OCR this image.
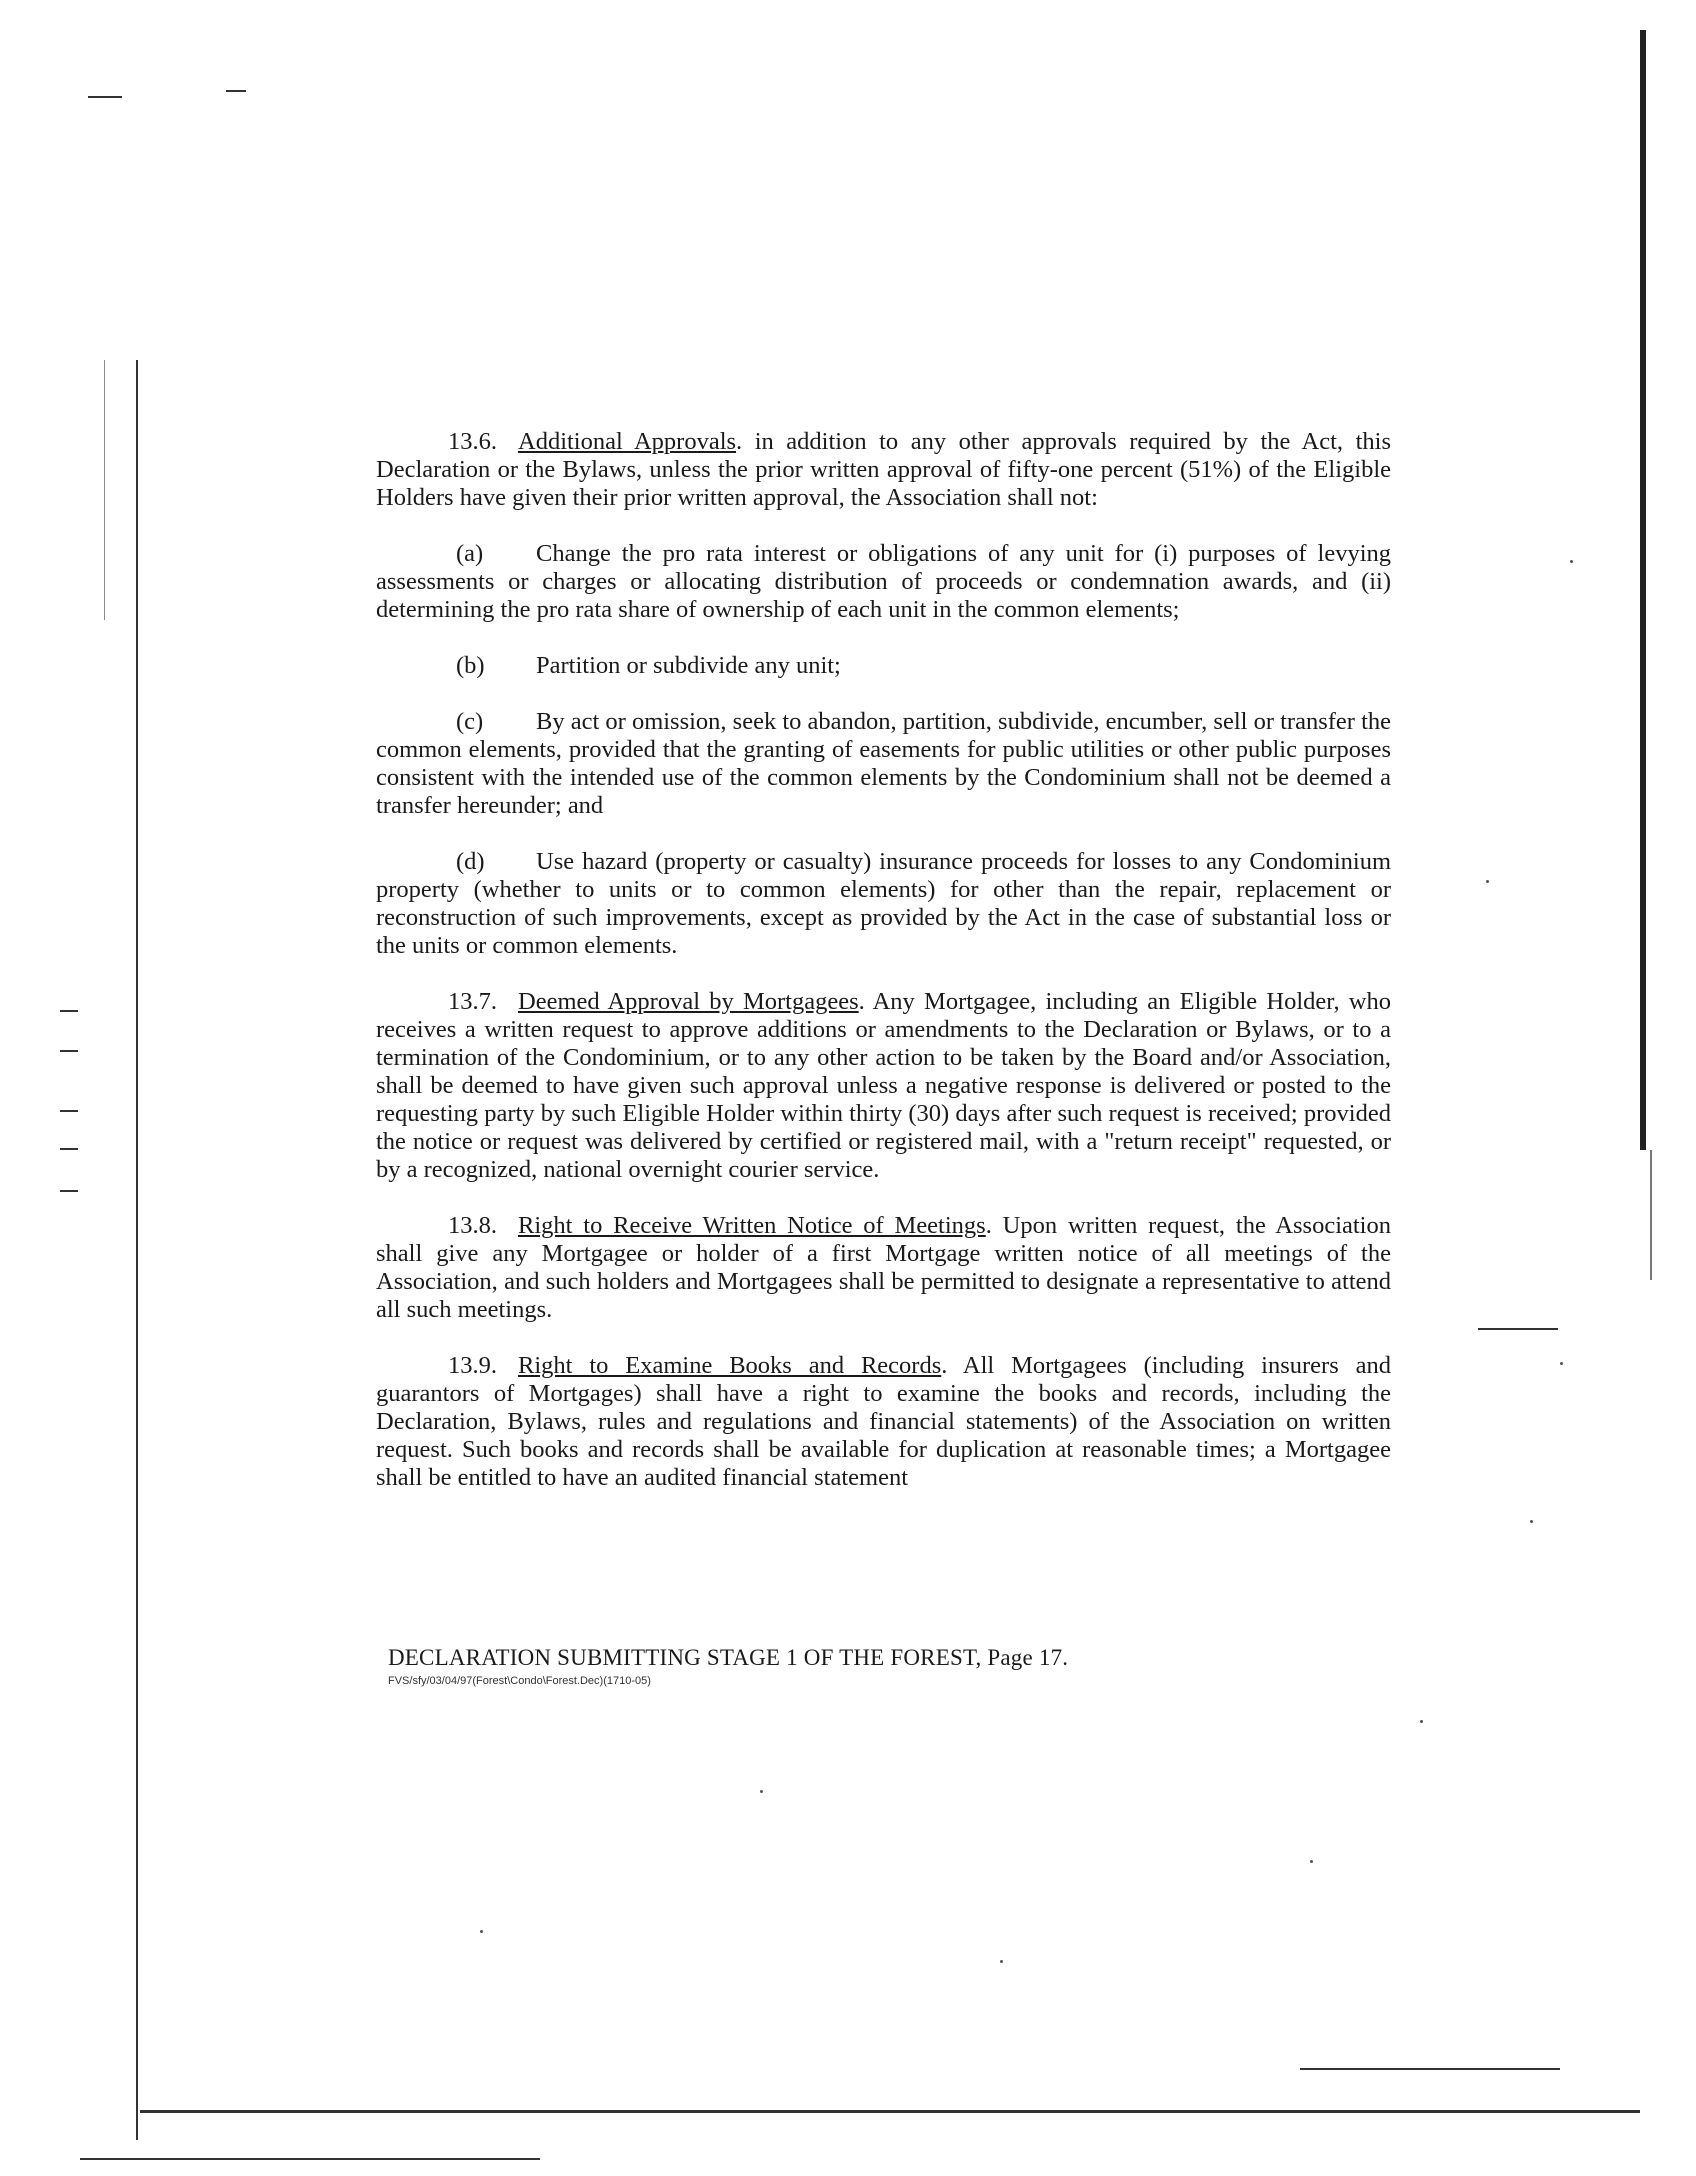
13.6. Additional Approvals. in addition to any other approvals required by the Act, this Declaration or the Bylaws, unless the prior written approval of fifty-one percent (51%) of the Eligible Holders have given their prior written approval, the Association shall not:

(a) Change the pro rata interest or obligations of any unit for (i) purposes of levying assessments or charges or allocating distribution of proceeds or condemnation awards, and (ii) determining the pro rata share of ownership of each unit in the common elements;

(b) Partition or subdivide any unit;

(c) By act or omission, seek to abandon, partition, subdivide, encumber, sell or transfer the common elements, provided that the granting of easements for public utilities or other public purposes consistent with the intended use of the common elements by the Condominium shall not be deemed a transfer hereunder; and

(d) Use hazard (property or casualty) insurance proceeds for losses to any Condominium property (whether to units or to common elements) for other than the repair, replacement or reconstruction of such improvements, except as provided by the Act in the case of substantial loss or the units or common elements.

13.7. Deemed Approval by Mortgagees. Any Mortgagee, including an Eligible Holder, who receives a written request to approve additions or amendments to the Declaration or Bylaws, or to a termination of the Condominium, or to any other action to be taken by the Board and/or Association, shall be deemed to have given such approval unless a negative response is delivered or posted to the requesting party by such Eligible Holder within thirty (30) days after such request is received; provided the notice or request was delivered by certified or registered mail, with a "return receipt" requested, or by a recognized, national overnight courier service.

13.8. Right to Receive Written Notice of Meetings. Upon written request, the Association shall give any Mortgagee or holder of a first Mortgage written notice of all meetings of the Association, and such holders and Mortgagees shall be permitted to designate a representative to attend all such meetings.

13.9. Right to Examine Books and Records. All Mortgagees (including insurers and guarantors of Mortgages) shall have a right to examine the books and records, including the Declaration, Bylaws, rules and regulations and financial statements) of the Association on written request. Such books and records shall be available for duplication at reasonable times; a Mortgagee shall be entitled to have an audited financial statement

DECLARATION SUBMITTING STAGE 1 OF THE FOREST, Page 17.
FVS/sfy/03/04/97(Forest\Condo\Forest.Dec)(1710-05)
